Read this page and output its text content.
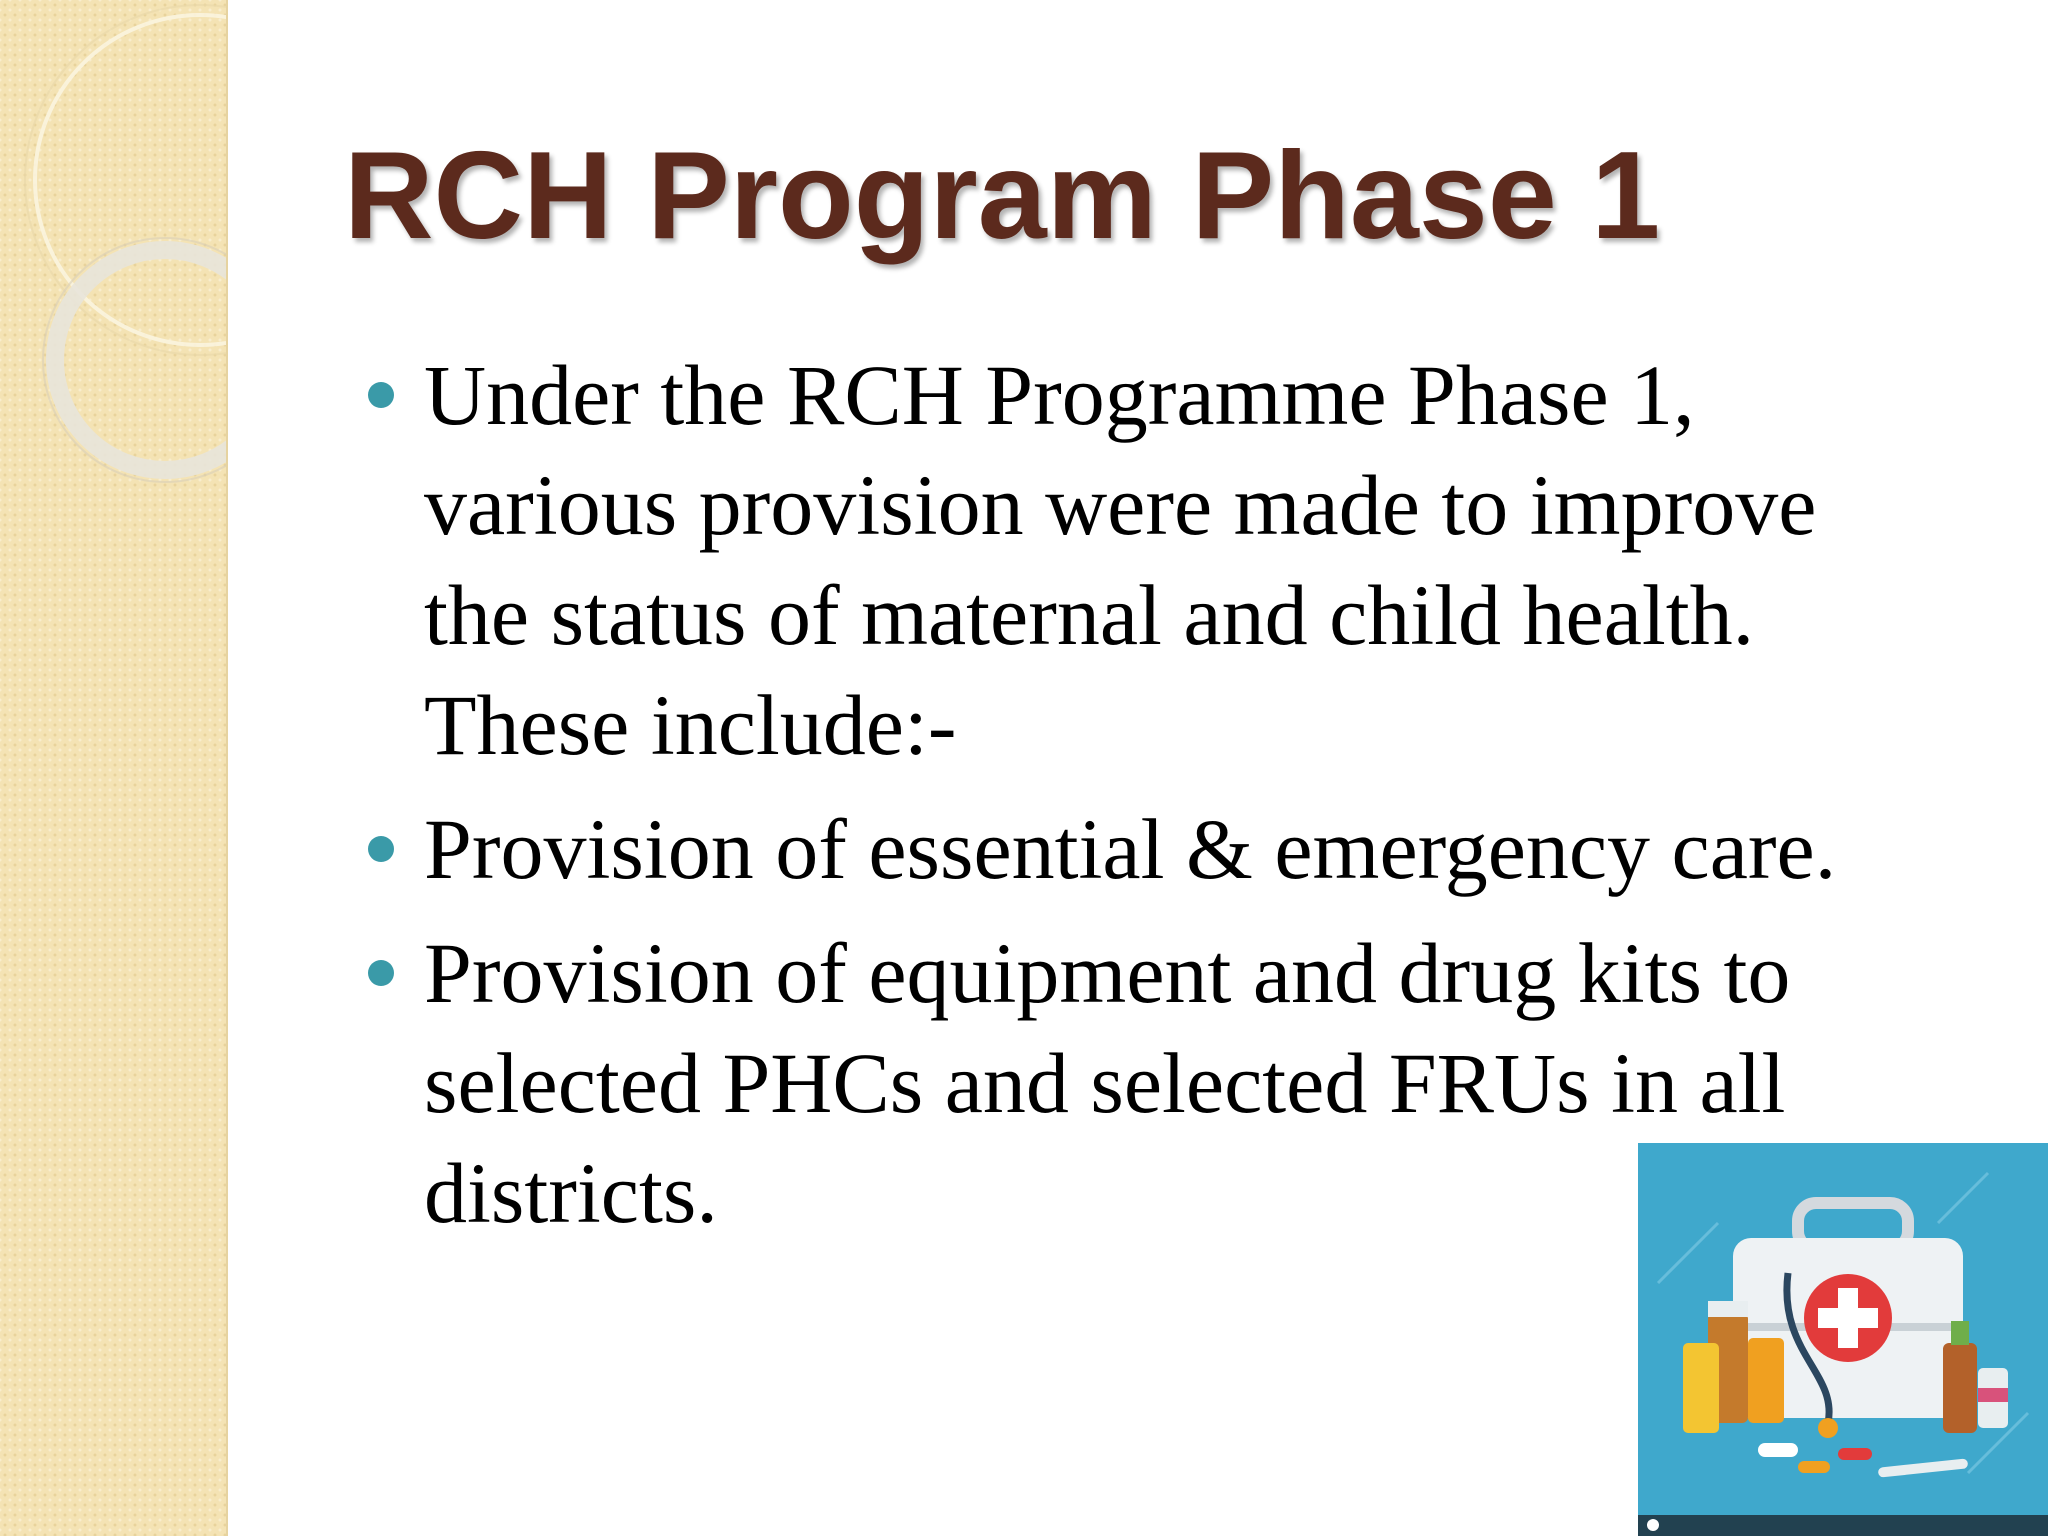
RCH Program Phase 1
Under the RCH Programme Phase 1, various provision were made to improve the status of maternal and child health. These include:-
Provision of essential & emergency care.
Provision of equipment and drug kits to selected PHCs and selected FRUs in all districts.
